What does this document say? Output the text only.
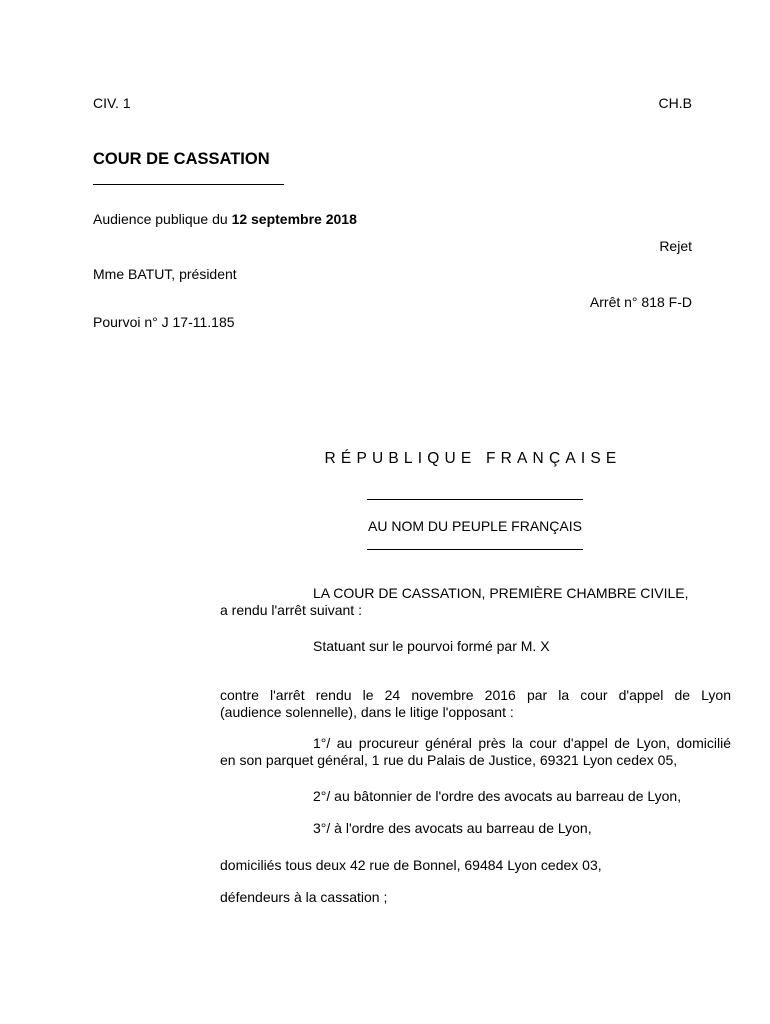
CIV. 1	CH.B
COUR DE CASSATION
Audience publique du 12 septembre 2018
Rejet
Mme BATUT, président
Arrêt n° 818 F-D
Pourvoi n° J 17-11.185
RÉPUBLIQUE FRANÇAISE
AU NOM DU PEUPLE FRANÇAIS
LA COUR DE CASSATION, PREMIÈRE CHAMBRE CIVILE,
a rendu l'arrêt suivant :
Statuant sur le pourvoi formé par M. X
contre l'arrêt rendu le 24 novembre 2016 par la cour d'appel de Lyon
(audience solennelle), dans le litige l'opposant :
1°/ au procureur général près la cour d'appel de Lyon, domicilié
en son parquet général, 1 rue du Palais de Justice, 69321 Lyon cedex 05,
2°/ au bâtonnier de l'ordre des avocats au barreau de Lyon,
3°/ à l'ordre des avocats au barreau de Lyon,
domiciliés tous deux 42 rue de Bonnel, 69484 Lyon cedex 03,
défendeurs à la cassation ;
